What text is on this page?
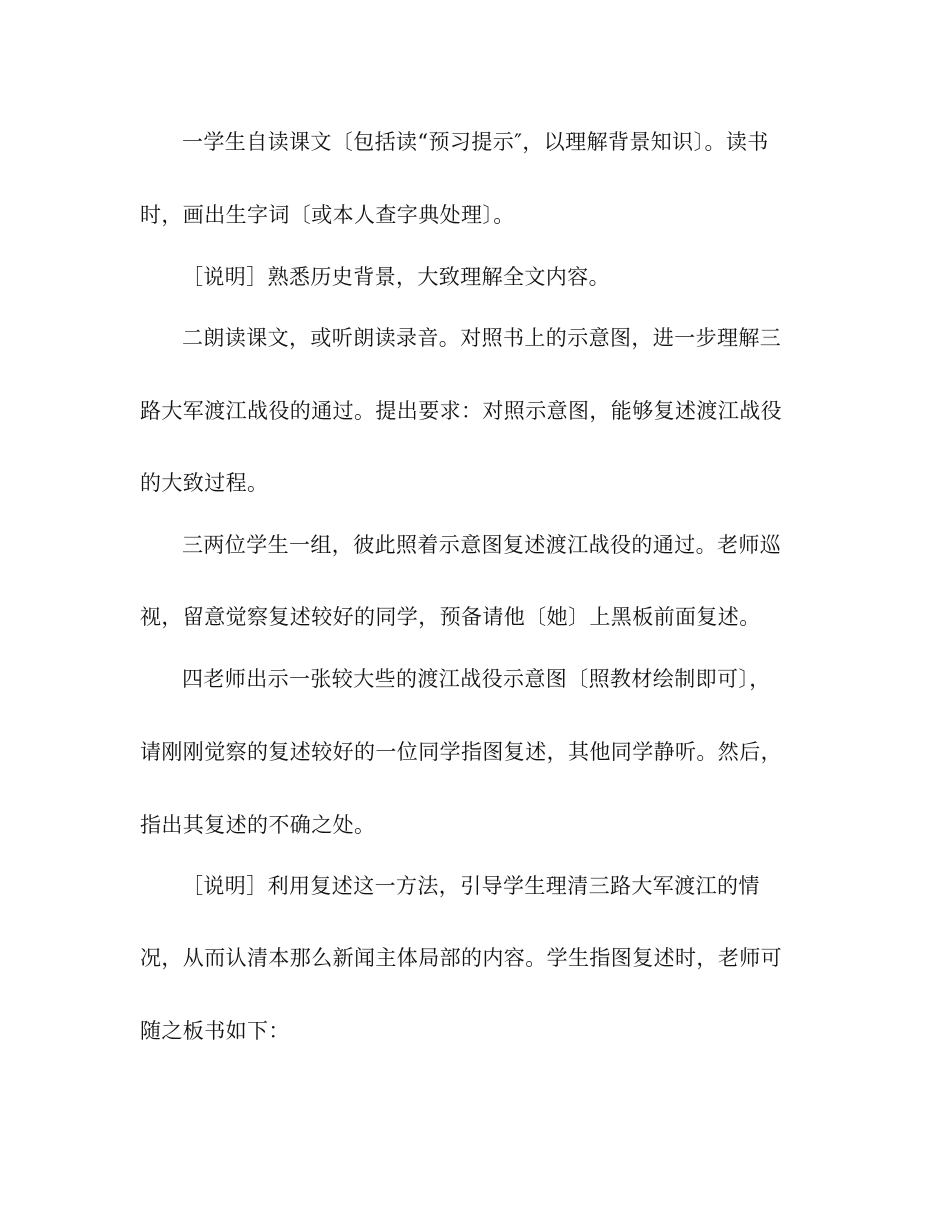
一学生自读课文〔包括读“预习提示″，以理解背景知识〕。读书
时，画出生字词〔或本人查字典处理〕。
［说明］熟悉历史背景，大致理解全文内容。
二朗读课文，或听朗读录音。对照书上的示意图，进一步理解三
路大军渡江战役的通过。提出要求：对照示意图，能够复述渡江战役
的大致过程。
三两位学生一组，彼此照着示意图复述渡江战役的通过。老师巡
视，留意觉察复述较好的同学，预备请他〔她〕上黑板前面复述。
四老师出示一张较大些的渡江战役示意图〔照教材绘制即可〕，
请刚刚觉察的复述较好的一位同学指图复述，其他同学静听。然后，
指出其复述的不确之处。
［说明］利用复述这一方法，引导学生理清三路大军渡江的情
况，从而认清本那么新闻主体局部的内容。学生指图复述时，老师可
随之板书如下：
